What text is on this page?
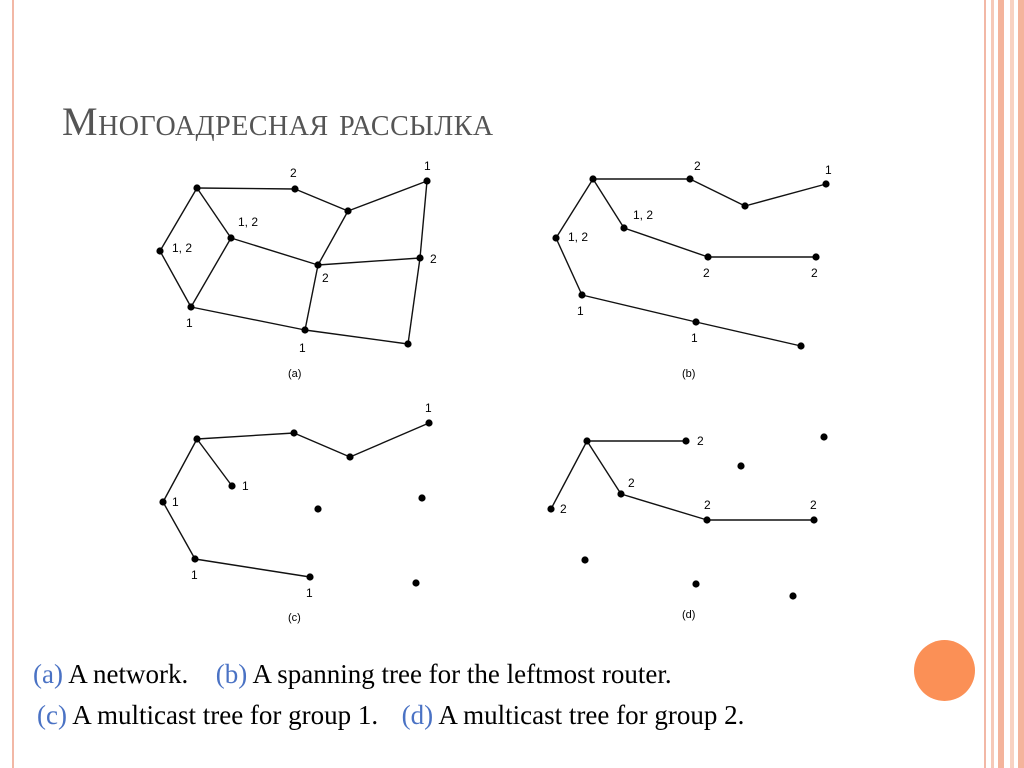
Многоадресная рассылка
2	1
1, 2
1, 2
2
2
1
1
(a)
2	1
1, 2
1, 2
2	2
1
1
(b)
1
1
1
1
1
(c)
2
2
2	2	2
(d)
(a) A network. (b) A spanning tree for the leftmost router.
(c) A multicast tree for group 1. (d) A multicast tree for group 2.
